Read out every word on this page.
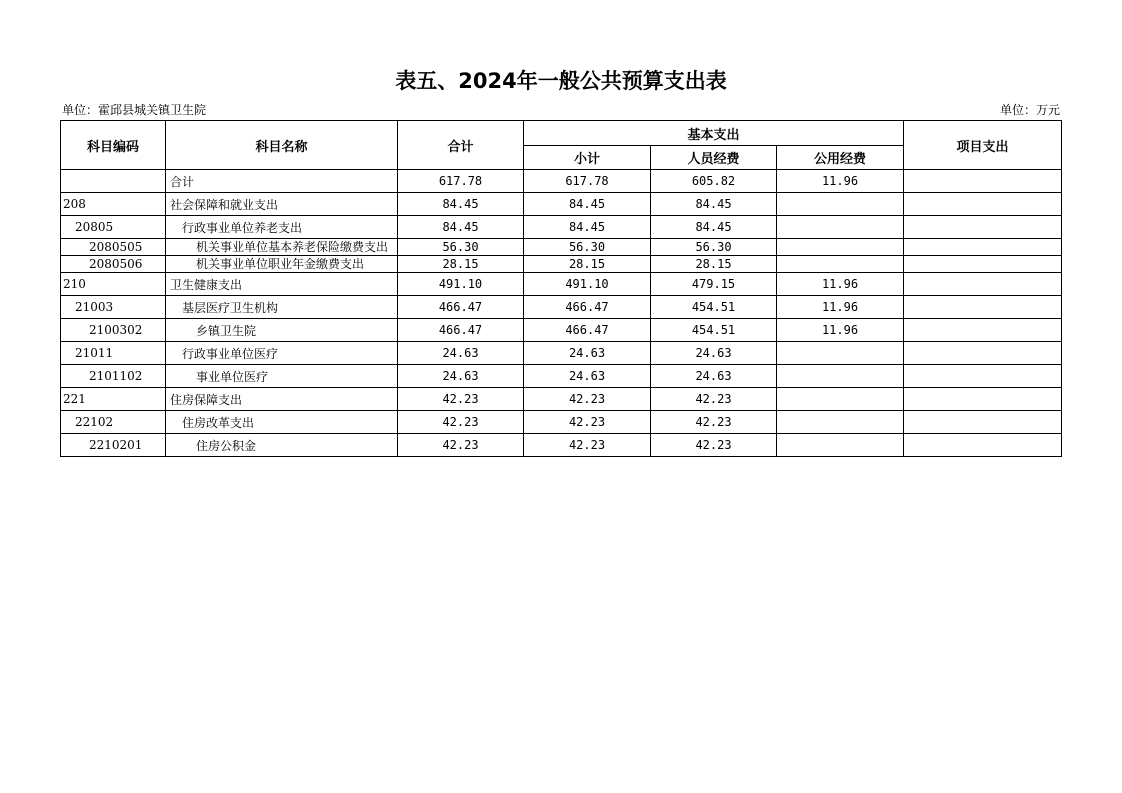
表五、2024年一般公共预算支出表
单位：霍邱县城关镇卫生院	单位：万元
科目编码	科目名称	合计	基本支出			项目支出
			小计	人员经费	公用经费	
	合计	617.78	617.78	605.82	11.96	
208	社会保障和就业支出	84.45	84.45	84.45		
20805	行政事业单位养老支出	84.45	84.45	84.45		
2080505	机关事业单位基本养老保险缴费支出	56.30	56.30	56.30		
2080506	机关事业单位职业年金缴费支出	28.15	28.15	28.15		
210	卫生健康支出	491.10	491.10	479.15	11.96	
21003	基层医疗卫生机构	466.47	466.47	454.51	11.96	
2100302	乡镇卫生院	466.47	466.47	454.51	11.96	
21011	行政事业单位医疗	24.63	24.63	24.63		
2101102	事业单位医疗	24.63	24.63	24.63		
221	住房保障支出	42.23	42.23	42.23		
22102	住房改革支出	42.23	42.23	42.23		
2210201	住房公积金	42.23	42.23	42.23		
